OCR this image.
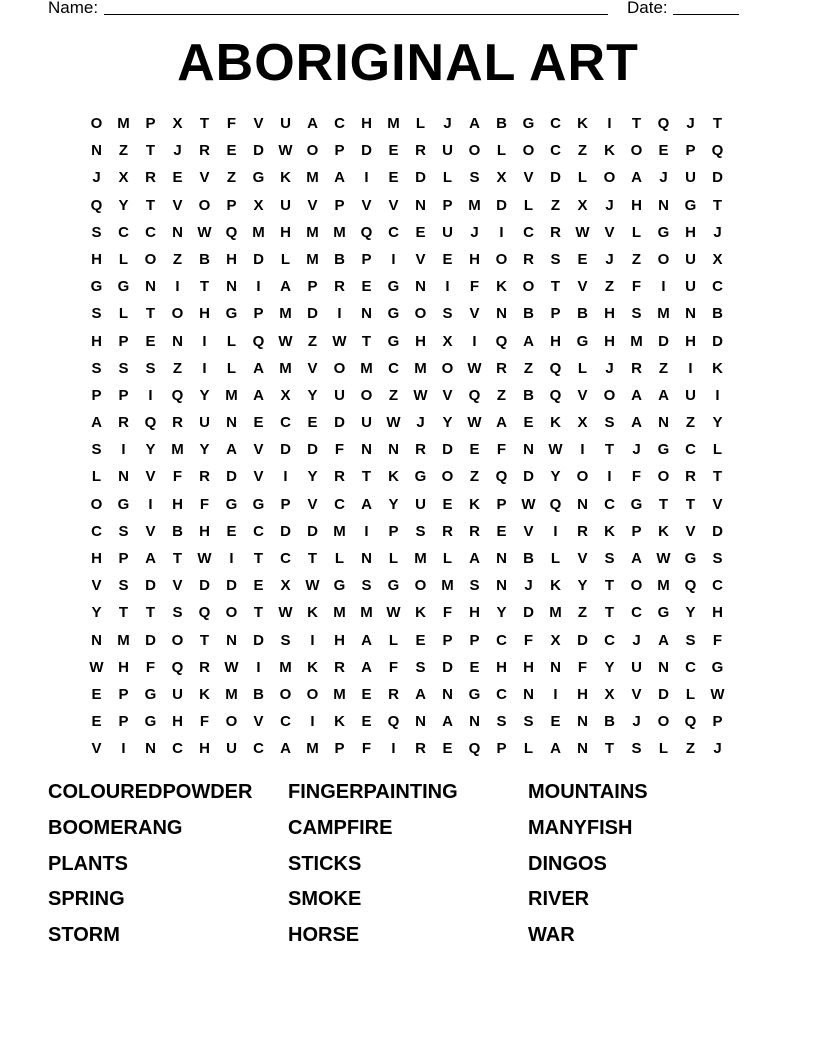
Name:	Date:
ABORIGINAL ART
O M	P	X	T	F	V	U	A	C	H	M	L	J	A	B	G	C	K	I	T	Q	J	T
N	Z	T	J	R	E	D W O	P	D	E	R	U	O	L	O	C	Z	K	O	E	P	Q
J	X	R	E	V	Z	G	K	M	A	I	E	D	L	S	X	V	D	L	O	A	J	U	D
Q	Y	T	V	O	P	X	U	V	P	V	V	N	P	M	D	L	Z	X	J	H	N	G	T
S	C	C	N W Q M	H	M M Q	C	E	U	J	I	C	R W V	L	G	H	J
H	L	O	Z	B	H	D	L	M	B	P	I	V	E	H	O	R	S	E	J	Z	O	U	X
G	G	N	I	T	N	I	A	P	R	E	G	N	I	F	K	O	T	V	Z	F	I	U	C
S	L	T	O	H	G	P	M	D	I	N	G	O	S	V	N	B	P	B	H	S	M	N	B
H	P	E	N	I	L	Q W	Z	W	T	G	H	X	I	Q	A	H	G	H	M	D	H	D
S	S	S	Z	I	L	A	M	V	O M	C	M O W R	Z	Q	L	J	R	Z	I	K
P	P	I	Q	Y	M	A	X	Y	U	O	Z	W V	Q	Z	B	Q	V	O	A	A	U	I
A	R	Q	R	U	N	E	C	E	D	U W	J	Y W A	E	K	X	S	A	N	Z	Y
S	I	Y	M	Y	A	V	D	D	F	N	N	R	D	E	F	N W	I	T	J	G	C	L
L	N	V	F	R	D	V	I	Y	R	T	K	G	O	Z	Q	D	Y	O	I	F	O	R	T
O	G	I	H	F	G	G	P	V	C	A	Y	U	E	K	P W Q	N	C	G	T	T	V
C	S	V	B	H	E	C	D	D	M	I	P	S	R	R	E	V	I	R	K	P	K	V	D
H	P	A	T	W	I	T	C	T	L	N	L	M	L	A	N	B	L	V	S	A W G	S
V	S	D	V	D	D	E	X W G	S	G	O M	S	N	J	K	Y	T	O M Q	C
Y	T	T	S	Q	O	T	W K	M M W K	F	H	Y	D	M	Z	T	C	G	Y	H
N	M	D	O	T	N	D	S	I	H	A	L	E	P	P	C	F	X	D	C	J	A	S	F
W H	F	Q	R W	I	M	K	R	A	F	S	D	E	H	H	N	F	Y	U	N	C	G
E	P	G	U	K	M	B	O	O M	E	R	A	N	G	C	N	I	H	X	V	D	L	W
E	P	G	H	F	O	V	C	I	K	E	Q	N	A	N	S	S	E	N	B	J	O	Q	P
V	I	N	C	H	U	C	A	M	P	F	I	R	E	Q	P	L	A	N	T	S	L	Z	J
COLOUREDPOWDER	FINGERPAINTING	MOUNTAINS
BOOMERANG	CAMPFIRE	MANYFISH
PLANTS	STICKS	DINGOS
SPRING	SMOKE	RIVER
STORM	HORSE	WAR
